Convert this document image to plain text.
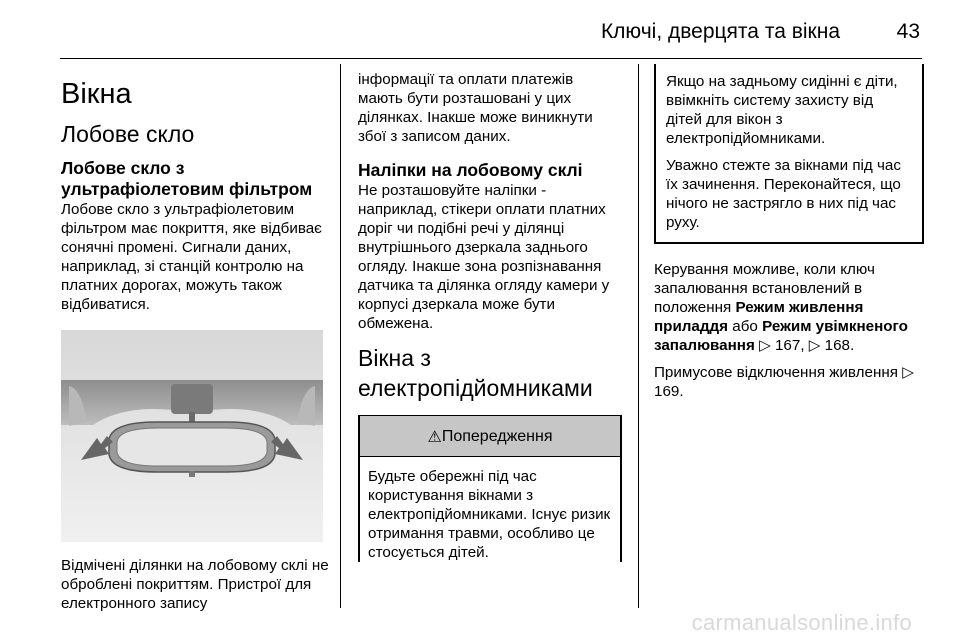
Ключі, дверцята та вікна	43
Вікна
Лобове скло
Лобове скло з ультрафіолетовим фільтром

Лобове скло з ультрафіолетовим фільтром має покриття, яке відбиває сонячні промені. Сигнали даних, наприклад, зі станцій контролю на платних дорогах, можуть також відбиватися.

Відмічені ділянки на лобовому склі не оброблені покриттям. Пристрої для електронного запису

інформації та оплати платежів мають бути розташовані у цих ділянках. Інакше може виникнути збої з записом даних.

Наліпки на лобовому склі

Не розташовуйте наліпки - наприклад, стікери оплати платних доріг чи подібні речі у ділянці внутрішнього дзеркала заднього огляду. Інакше зона розпізнавання датчика та ділянка огляду камери у корпусі дзеркала може бути обмежена.

Вікна з електропідйомниками
⚠ Попередження
Будьте обережні під час користування вікнами з електропідйомниками. Існує ризик отримання травми, особливо це стосується дітей.

Якщо на задньому сидінні є діти, ввімкніть систему захисту від дітей для вікон з електропідйомниками.

Уважно стежте за вікнами під час їх зачинення. Переконайтеся, що нічого не застрягло в них під час руху.

Керування можливе, коли ключ запалювання встановлений в положення Режим живлення приладдя або Режим увімкненого запалювання ▷ 167, ▷ 168.

Примусове відключення живлення ▷ 169.

carmanualsonline.info
